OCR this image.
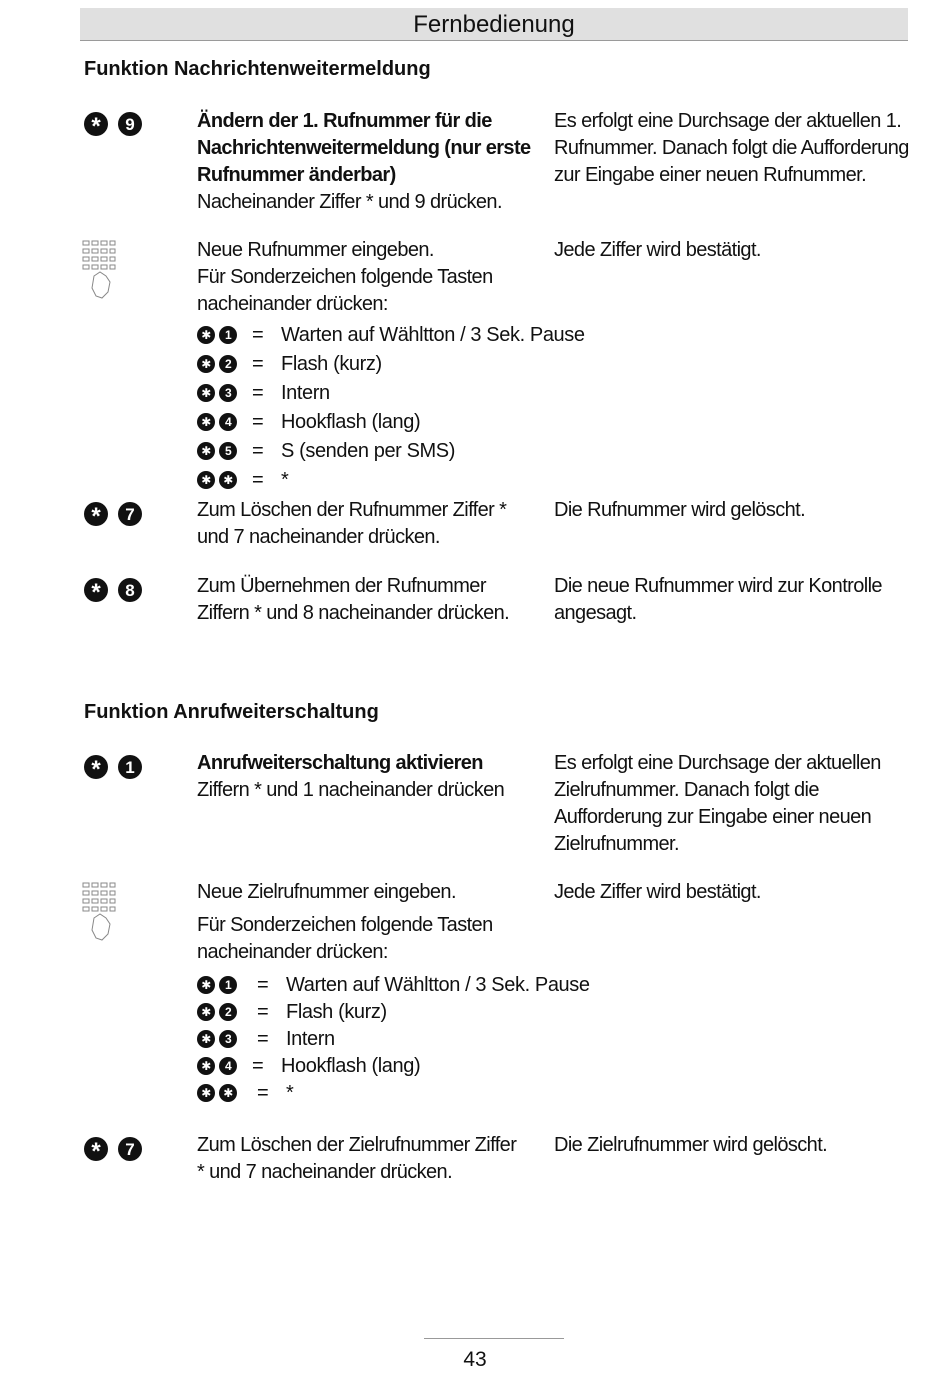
Fernbedienung
Funktion Nachrichtenweitermeldung
*	9	Ändern der 1. Rufnummer für die Nachrichtenweitermeldung (nur erste Rufnummer änderbar)
Nacheinander Ziffer * und 9 drücken.
Es erfolgt eine Durchsage der aktuellen 1. Rufnummer. Danach folgt die Aufforderung zur Eingabe einer neuen Rufnummer.
Neue Rufnummer eingeben.
Für Sonderzeichen folgende Tasten nacheinander drücken:
Jede Ziffer wird bestätigt.
✱	1 = Warten auf Wähltton / 3 Sek. Pause
✱	2 = Flash (kurz)
✱	3 = Intern
✱	4 = Hookflash (lang)
✱	5 = S (senden per SMS)
✱	✱ = *
*	7	Zum Löschen der Rufnummer Ziffer * und 7 nacheinander drücken.
Die Rufnummer wird gelöscht.
*	8	Zum Übernehmen der Rufnummer Ziffern * und 8 nacheinander drücken.
Die neue Rufnummer wird zur Kontrolle angesagt.
Funktion Anrufweiterschaltung
*	1	Anrufweiterschaltung aktivieren
Ziffern * und 1 nacheinander drücken
Es erfolgt eine Durchsage der aktuellen Zielrufnummer. Danach folgt die Aufforderung zur Eingabe einer neuen Zielrufnummer.
Neue Zielrufnummer eingeben.
Für Sonderzeichen folgende Tasten nacheinander drücken:
Jede Ziffer wird bestätigt.
✱	1 = Warten auf Wähltton / 3 Sek. Pause
✱	2 = Flash (kurz)
✱	3 = Intern
✱	4 = Hookflash (lang)
✱	✱ = *
*	7	Zum Löschen der Zielrufnummer Ziffer * und 7 nacheinander drücken.
Die Zielrufnummer wird gelöscht.
43
